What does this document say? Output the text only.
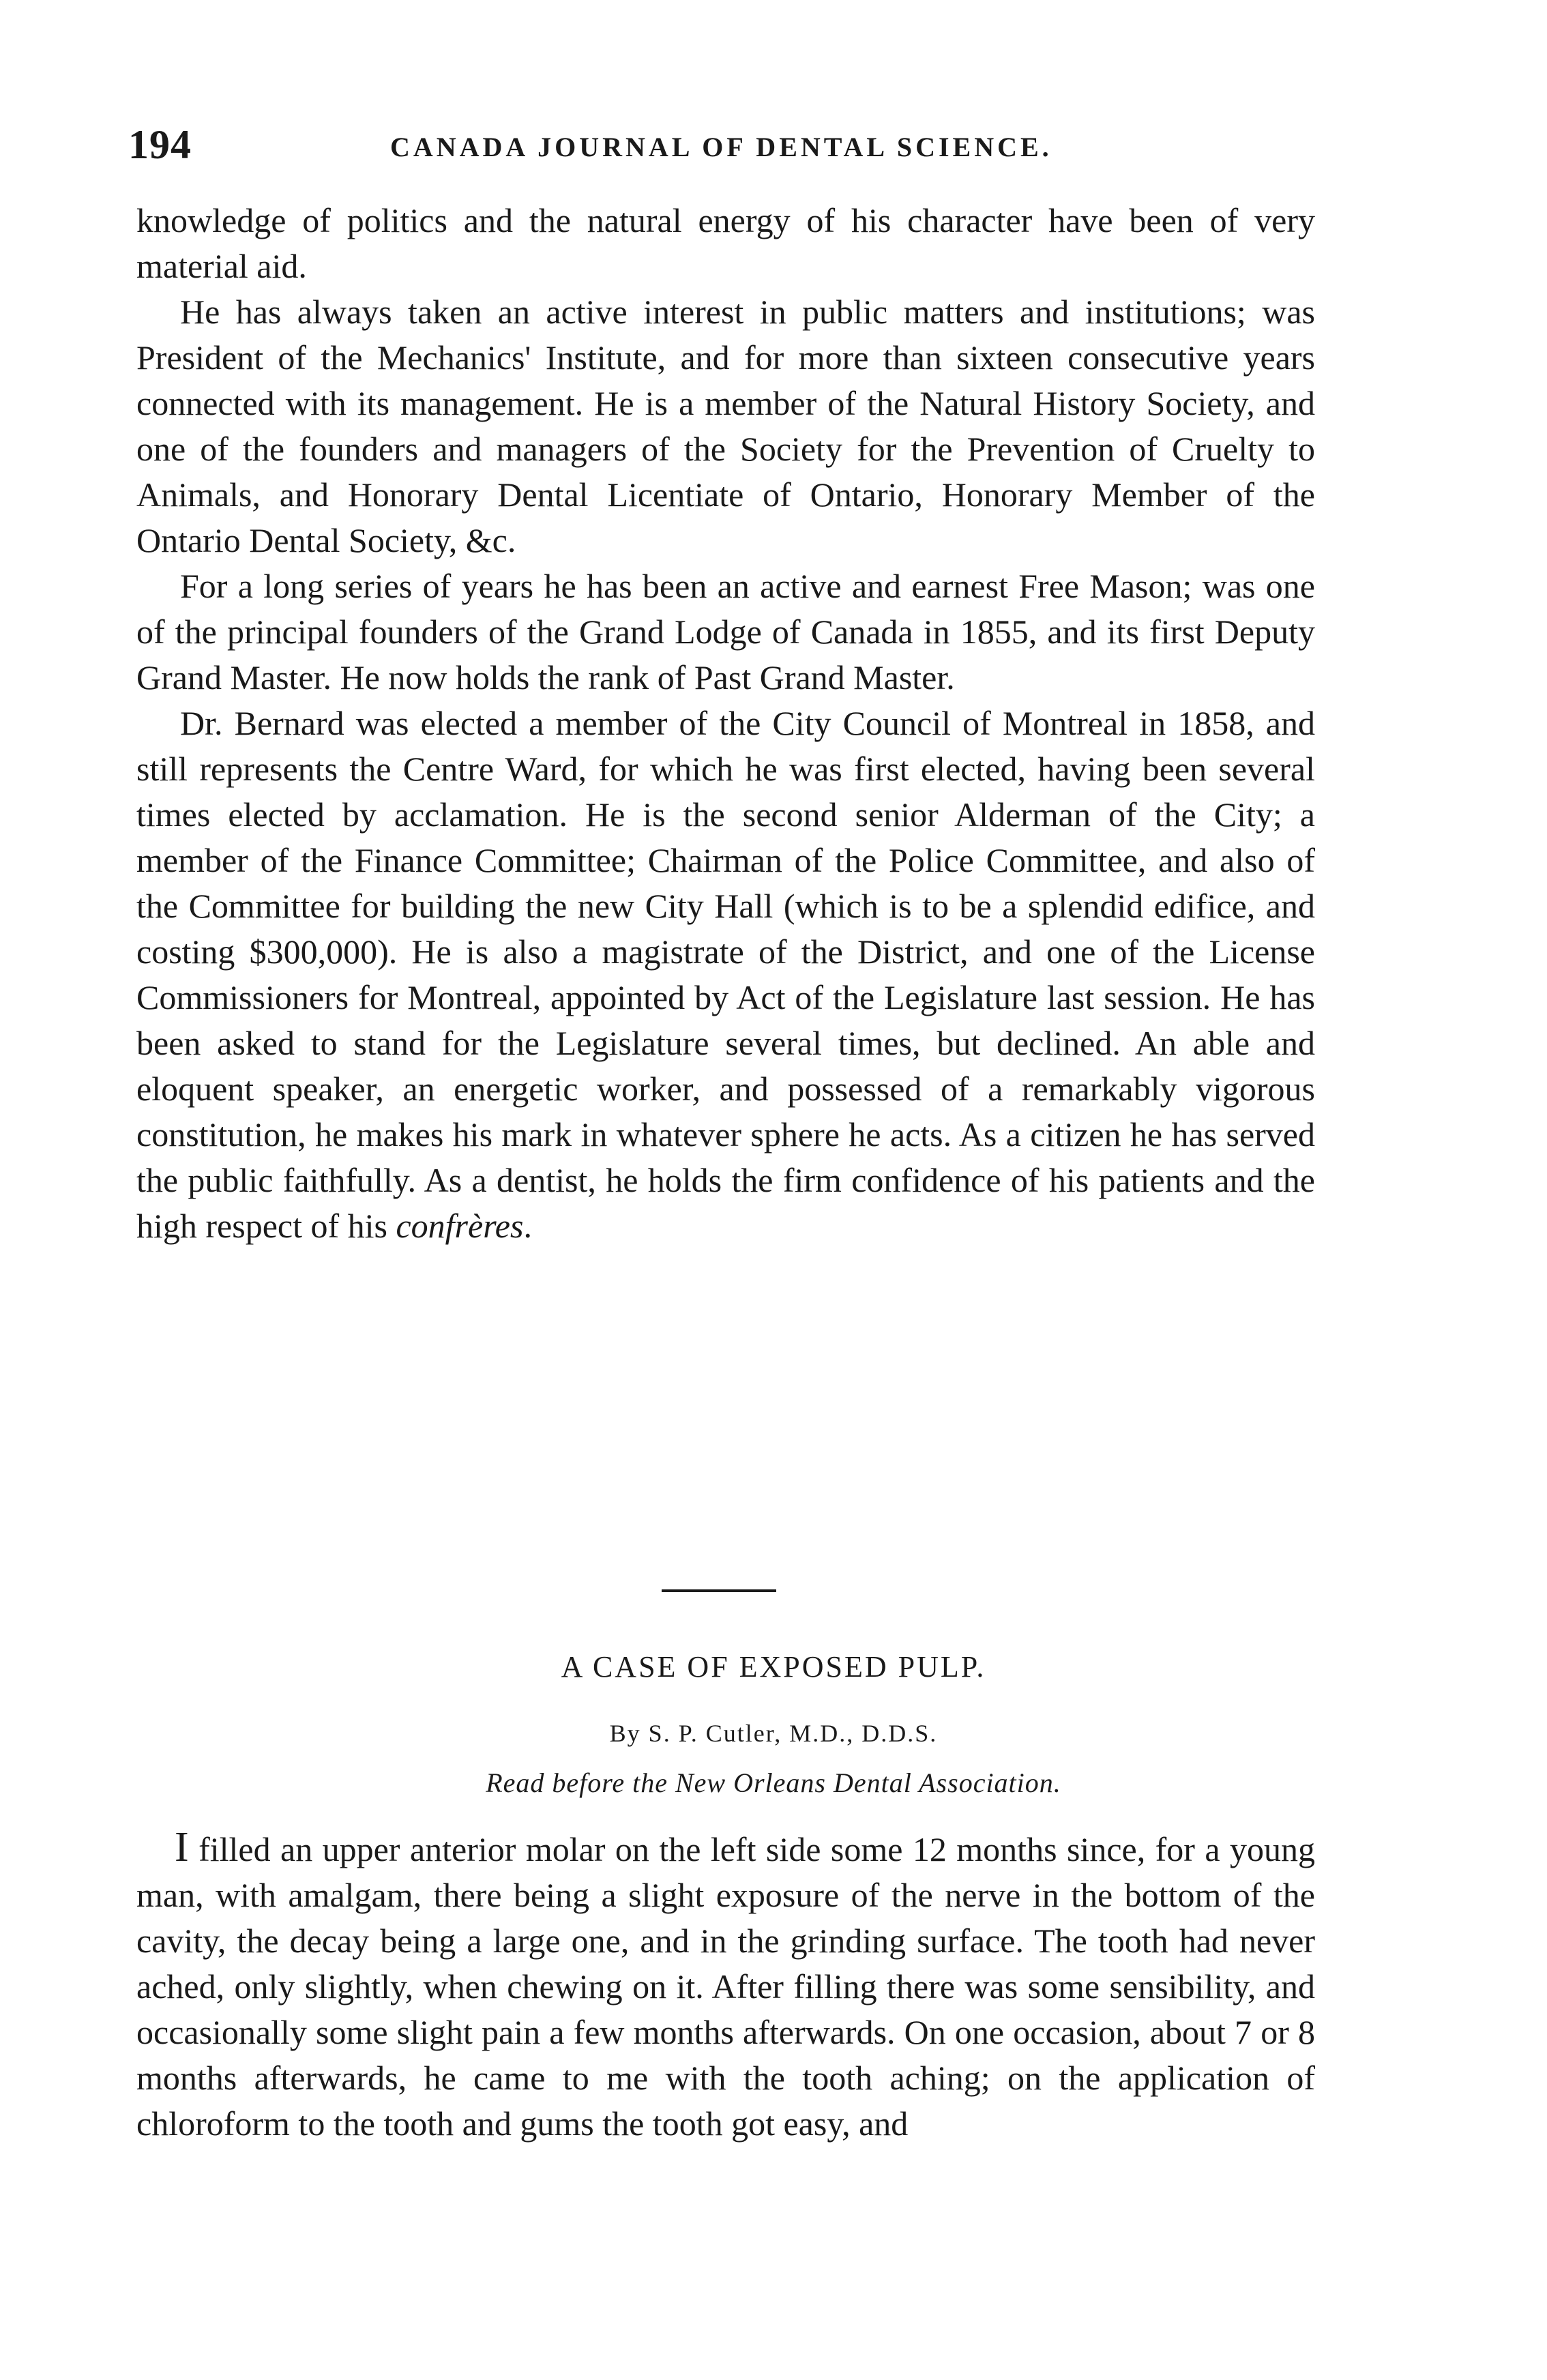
194	CANADA JOURNAL OF DENTAL SCIENCE.

knowledge of politics and the natural energy of his character have been of very material aid.

He has always taken an active interest in public matters and institutions; was President of the Mechanics' Institute, and for more than sixteen consecutive years connected with its management. He is a member of the Natural History Society, and one of the founders and managers of the Society for the Prevention of Cruelty to Animals, and Honorary Dental Licentiate of Ontario, Honorary Member of the Ontario Dental Society, &c.

For a long series of years he has been an active and earnest Free Mason; was one of the principal founders of the Grand Lodge of Canada in 1855, and its first Deputy Grand Master. He now holds the rank of Past Grand Master.

Dr. Bernard was elected a member of the City Council of Montreal in 1858, and still represents the Centre Ward, for which he was first elected, having been several times elected by acclamation. He is the second senior Alderman of the City; a member of the Finance Committee; Chairman of the Police Committee, and also of the Committee for building the new City Hall (which is to be a splendid edifice, and costing $300,000). He is also a magistrate of the District, and one of the License Commissioners for Montreal, appointed by Act of the Legislature last session. He has been asked to stand for the Legislature several times, but declined. An able and eloquent speaker, an energetic worker, and possessed of a remarkably vigorous constitution, he makes his mark in whatever sphere he acts. As a citizen he has served the public faithfully. As a dentist, he holds the firm confidence of his patients and the high respect of his confrères.

A CASE OF EXPOSED PULP.
By S. P. Cutler, M.D., D.D.S.
Read before the New Orleans Dental Association.

I filled an upper anterior molar on the left side some 12 months since, for a young man, with amalgam, there being a slight exposure of the nerve in the bottom of the cavity, the decay being a large one, and in the grinding surface. The tooth had never ached, only slightly, when chewing on it. After filling there was some sensibility, and occasionally some slight pain a few months afterwards. On one occasion, about 7 or 8 months afterwards, he came to me with the tooth aching; on the application of chloroform to the tooth and gums the tooth got easy, and
